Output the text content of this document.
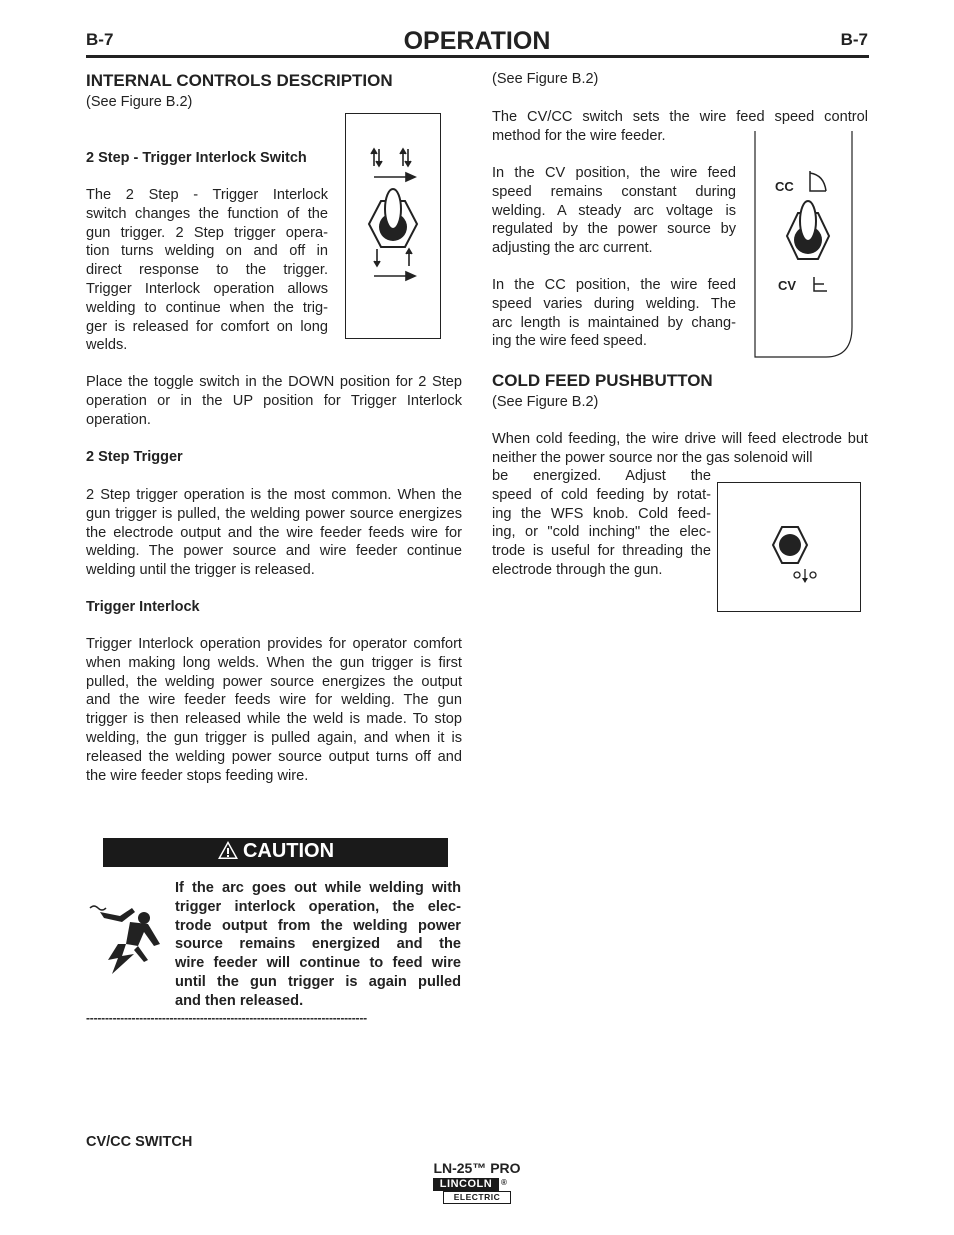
B-7	OPERATION	B-7
INTERNAL CONTROLS DESCRIPTION
(See Figure B.2)
2 Step - Trigger Interlock Switch
The 2 Step - Trigger Interlock
switch changes the function of the
gun trigger. 2 Step trigger opera-
tion turns welding on and off in
direct response to the trigger.
Trigger Interlock operation allows
welding to continue when the trig-
ger is released for comfort on long
welds.
Place the toggle switch in the DOWN position for 2 Step operation or in the UP position for Trigger Interlock operation.
2 Step Trigger
2 Step trigger operation is the most common. When the gun trigger is pulled, the welding power source energizes the electrode output and the wire feeder feeds wire for welding. The power source and wire feeder continue welding until the trigger is released.
Trigger Interlock
Trigger Interlock operation provides for operator comfort when making long welds. When the gun trigger is first pulled, the welding power source energizes the output and the wire feeder feeds wire for welding. The gun trigger is then released while the weld is made. To stop welding, the gun trigger is pulled again, and when it is released the welding power source output turns off and the wire feeder stops feeding wire.
CAUTION
If the arc goes out while welding with
trigger interlock operation, the elec-
trode output from the welding power
source remains energized and the
wire feeder will continue to feed wire
until the gun trigger is again pulled
and then released.
--------------------------------------------------------------------------
CV/CC SWITCH
(See Figure B.2)
The CV/CC switch sets the wire feed speed control method for the wire feeder.
In the CV position, the wire feed
speed remains constant during
welding. A steady arc voltage is
regulated by the power source by
adjusting the arc current.
In the CC position, the wire feed
speed varies during welding. The
arc length is maintained by chang-
ing the wire feed speed.
CC
CV
COLD FEED PUSHBUTTON
(See Figure B.2)
When cold feeding, the wire drive will feed electrode but neither the power source nor the gas solenoid will
be energized. Adjust the
speed of cold feeding by rotat-
ing the WFS knob. Cold feed-
ing, or "cold inching" the elec-
trode is useful for threading the
electrode through the gun.
LN-25™ PRO
LINCOLN	®
ELECTRIC
